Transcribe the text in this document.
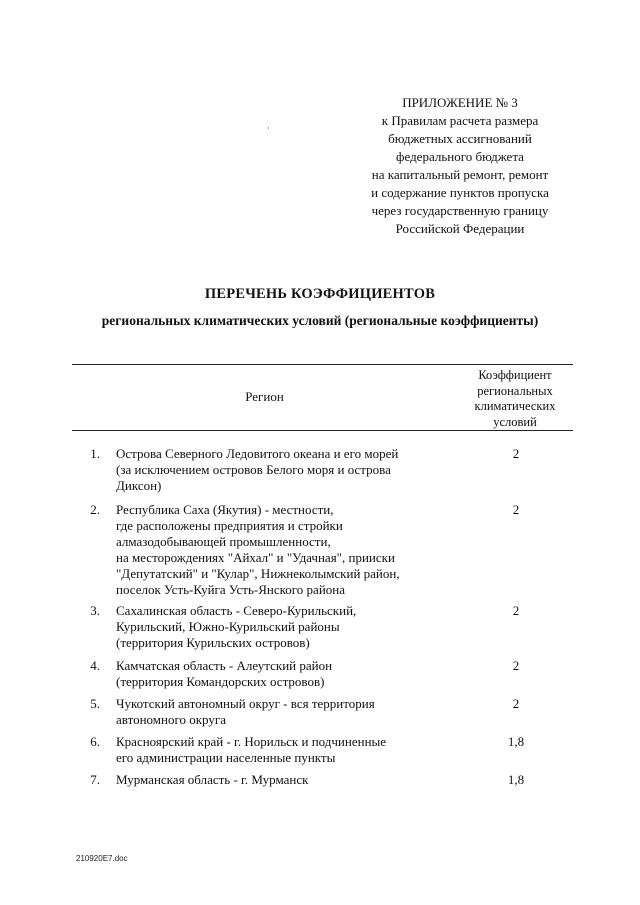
ПРИЛОЖЕНИЕ № 3
к Правилам расчета размера
бюджетных ассигнований
федерального бюджета
на капитальный ремонт, ремонт
и содержание пунктов пропуска
через государственную границу
Российской Федерации
ПЕРЕЧЕНЬ КОЭФФИЦИЕНТОВ
региональных климатических условий (региональные коэффициенты)
Регион
Коэффициент
региональных
климатических
условий
1. Острова Северного Ледовитого океана и его морей
(за исключением островов Белого моря и острова
Диксон)
2
2. Республика Саха (Якутия) - местности,
где расположены предприятия и стройки
алмазодобывающей промышленности,
на месторождениях "Айхал" и "Удачная", прииски
"Депутатский" и "Кулар", Нижнеколымский район,
поселок Усть-Куйга Усть-Янского района
2
3. Сахалинская область - Северо-Курильский,
Курильский, Южно-Курильский районы
(территория Курильских островов)
2
4. Камчатская область - Алеутский район
(территория Командорских островов)
2
5. Чукотский автономный округ - вся территория
автономного округа
2
6. Красноярский край - г. Норильск и подчиненные
его администрации населенные пункты
1,8
7. Мурманская область - г. Мурманск	1,8
210920E7.doc
